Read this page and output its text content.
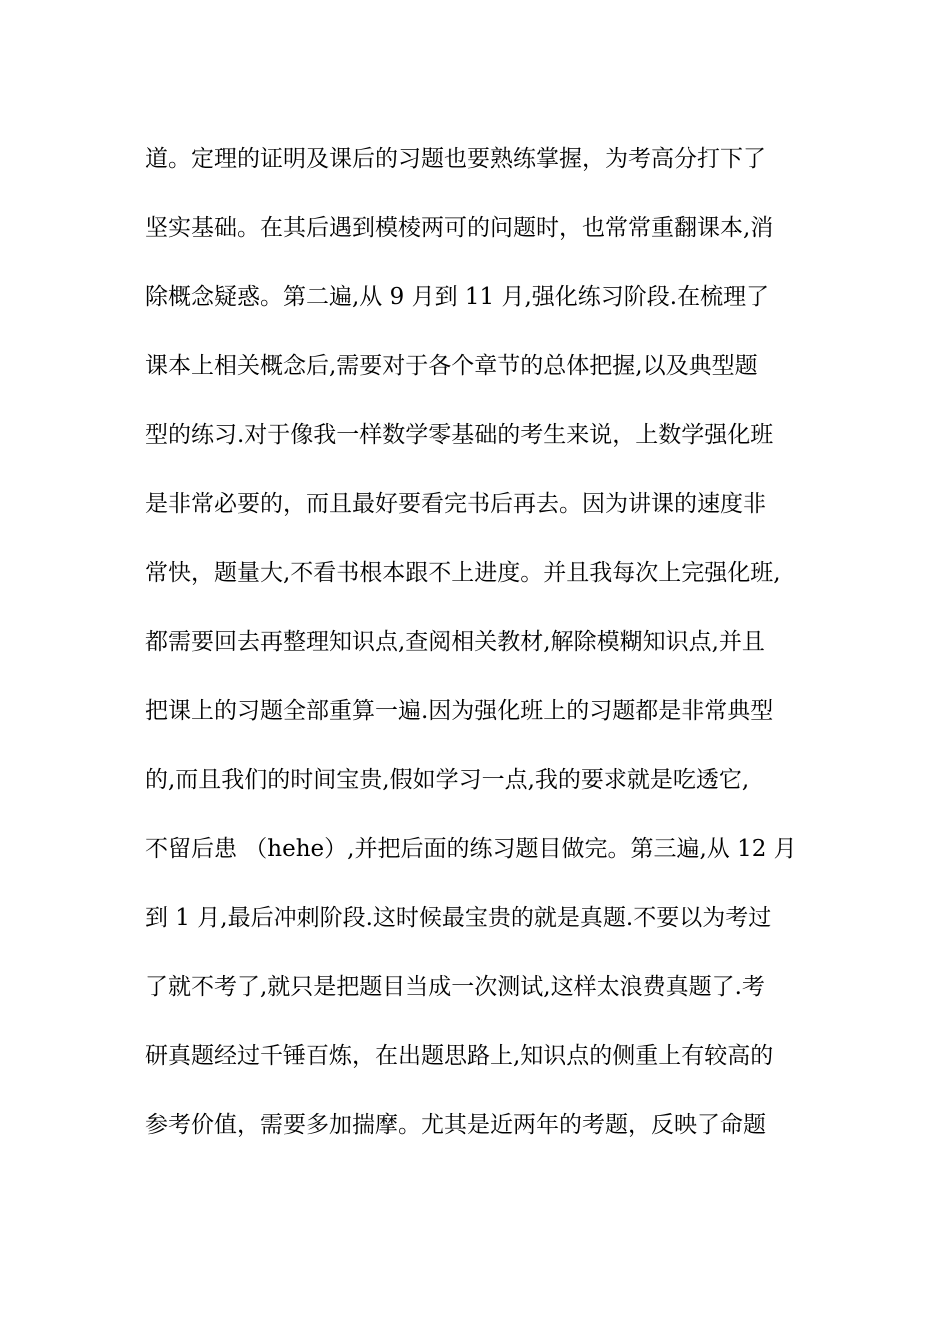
道。定理的证明及课后的习题也要熟练掌握，为考高分打下了
坚实基础。在其后遇到模棱两可的问题时，也常常重翻课本,消
除概念疑惑。第二遍,从 9 月到 11 月,强化练习阶段.在梳理了
课本上相关概念后,需要对于各个章节的总体把握,以及典型题
型的练习.对于像我一样数学零基础的考生来说，上数学强化班
是非常必要的，而且最好要看完书后再去。因为讲课的速度非
常快，题量大,不看书根本跟不上进度。并且我每次上完强化班,
都需要回去再整理知识点,查阅相关教材,解除模糊知识点,并且
把课上的习题全部重算一遍.因为强化班上的习题都是非常典型
的,而且我们的时间宝贵,假如学习一点,我的要求就是吃透它,
不留后患 （hehe）,并把后面的练习题目做完。第三遍,从 12 月
到 1 月,最后冲刺阶段.这时候最宝贵的就是真题.不要以为考过
了就不考了,就只是把题目当成一次测试,这样太浪费真题了.考
研真题经过千锤百炼，在出题思路上,知识点的侧重上有较高的
参考价值，需要多加揣摩。尤其是近两年的考题，反映了命题
